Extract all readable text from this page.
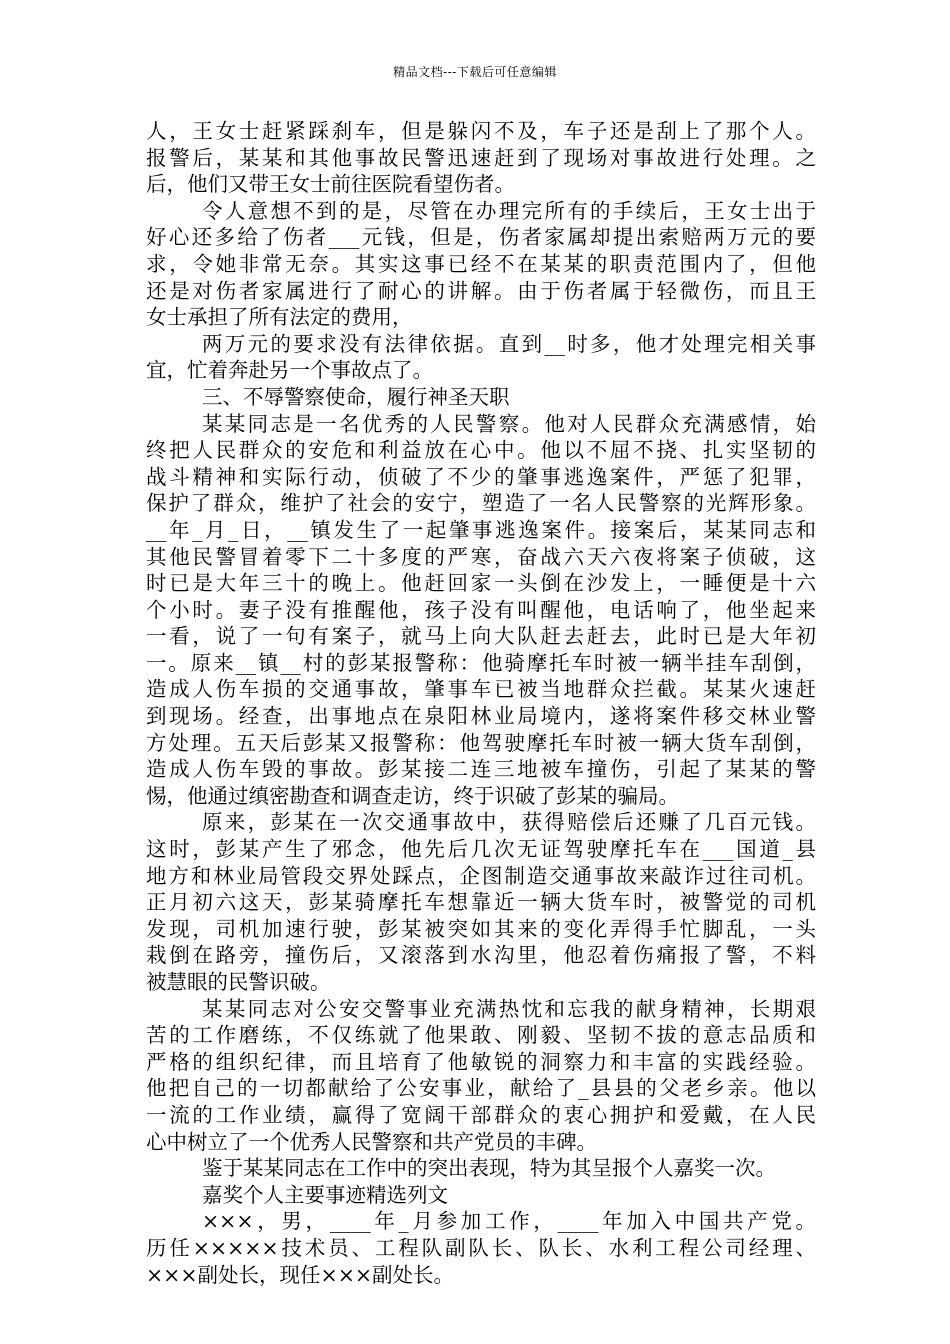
精品文档---下载后可任意编辑
人，王女士赶紧踩刹车，但是躲闪不及，车子还是刮上了那个人。
报警后，某某和其他事故民警迅速赶到了现场对事故进行处理。之
后，他们又带王女士前往医院看望伤者。
令人意想不到的是，尽管在办理完所有的手续后，王女士出于
好心还多给了伤者___元钱，但是，伤者家属却提出索赔两万元的要
求，令她非常无奈。其实这事已经不在某某的职责范围内了，但他
还是对伤者家属进行了耐心的讲解。由于伤者属于轻微伤，而且王
女士承担了所有法定的费用，
两万元的要求没有法律依据。直到__时多，他才处理完相关事
宜，忙着奔赴另一个事故点了。
三、不辱警察使命，履行神圣天职
某某同志是一名优秀的人民警察。他对人民群众充满感情，始
终把人民群众的安危和利益放在心中。他以不屈不挠、扎实坚韧的
战斗精神和实际行动，侦破了不少的肇事逃逸案件，严惩了犯罪，
保护了群众，维护了社会的安宁，塑造了一名人民警察的光辉形象。
__年_月_日，__镇发生了一起肇事逃逸案件。接案后，某某同志和
其他民警冒着零下二十多度的严寒，奋战六天六夜将案子侦破，这
时已是大年三十的晚上。他赶回家一头倒在沙发上，一睡便是十六
个小时。妻子没有推醒他，孩子没有叫醒他，电话响了，他坐起来
一看，说了一句有案子，就马上向大队赶去赶去，此时已是大年初
一。原来__镇__村的彭某报警称：他骑摩托车时被一辆半挂车刮倒，
造成人伤车损的交通事故，肇事车已被当地群众拦截。某某火速赶
到现场。经查，出事地点在泉阳林业局境内，遂将案件移交林业警
方处理。五天后彭某又报警称：他驾驶摩托车时被一辆大货车刮倒，
造成人伤车毁的事故。彭某接二连三地被车撞伤，引起了某某的警
惕，他通过缜密勘查和调查走访，终于识破了彭某的骗局。
原来，彭某在一次交通事故中，获得赔偿后还赚了几百元钱。
这时，彭某产生了邪念，他先后几次无证驾驶摩托车在___国道_县
地方和林业局管段交界处踩点，企图制造交通事故来敲诈过往司机。
正月初六这天，彭某骑摩托车想靠近一辆大货车时，被警觉的司机
发现，司机加速行驶，彭某被突如其来的变化弄得手忙脚乱，一头
栽倒在路旁，撞伤后，又滚落到水沟里，他忍着伤痛报了警，不料
被慧眼的民警识破。
某某同志对公安交警事业充满热忱和忘我的献身精神，长期艰
苦的工作磨练，不仅练就了他果敢、刚毅、坚韧不拔的意志品质和
严格的组织纪律，而且培育了他敏锐的洞察力和丰富的实践经验。
他把自己的一切都献给了公安事业，献给了_县县的父老乡亲。他以
一流的工作业绩，赢得了宽阔干部群众的衷心拥护和爱戴，在人民
心中树立了一个优秀人民警察和共产党员的丰碑。
鉴于某某同志在工作中的突出表现，特为其呈报个人嘉奖一次。
嘉奖个人主要事迹精选列文
×××，男，____年_月参加工作，____年加入中国共产党。
历任×××××技术员、工程队副队长、队长、水利工程公司经理、
×××副处长，现任×××副处长。
